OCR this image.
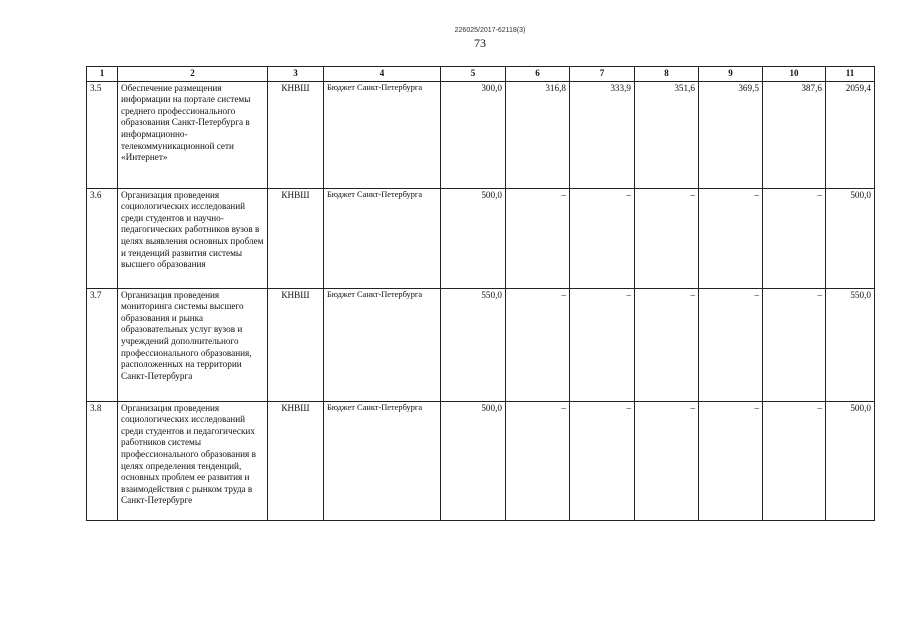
226025/2017-62118(3)
73
1	2	3	4	5	6	7	8	9	10	11
3.5	Обеспечение размещения информации на портале системы среднего профессионального образования Санкт-Петербурга в информационно-телекоммуникационной сети «Интернет»	КНВШ	Бюджет Санкт-Петербурга	300,0	316,8	333,9	351,6	369,5	387,6	2059,4
3.6	Организация проведения социологических исследований среди студентов и научно-педагогических работников вузов в целях выявления основных проблем и тенденций развития системы высшего образования	КНВШ	Бюджет Санкт-Петербурга	500,0	–	–	–	–	–	500,0
3.7	Организация проведения мониторинга системы высшего образования и рынка образовательных услуг вузов и учреждений дополнительного профессионального образования, расположенных на территории Санкт-Петербурга	КНВШ	Бюджет Санкт-Петербурга	550,0	–	–	–	–	–	550,0
3.8	Организация проведения социологических исследований среди студентов и педагогических работников системы профессионального образования в целях определения тенденций, основных проблем ее развития и взаимодействия с рынком труда в Санкт-Петербурге	КНВШ	Бюджет Санкт-Петербурга	500,0	–	–	–	–	–	500,0
